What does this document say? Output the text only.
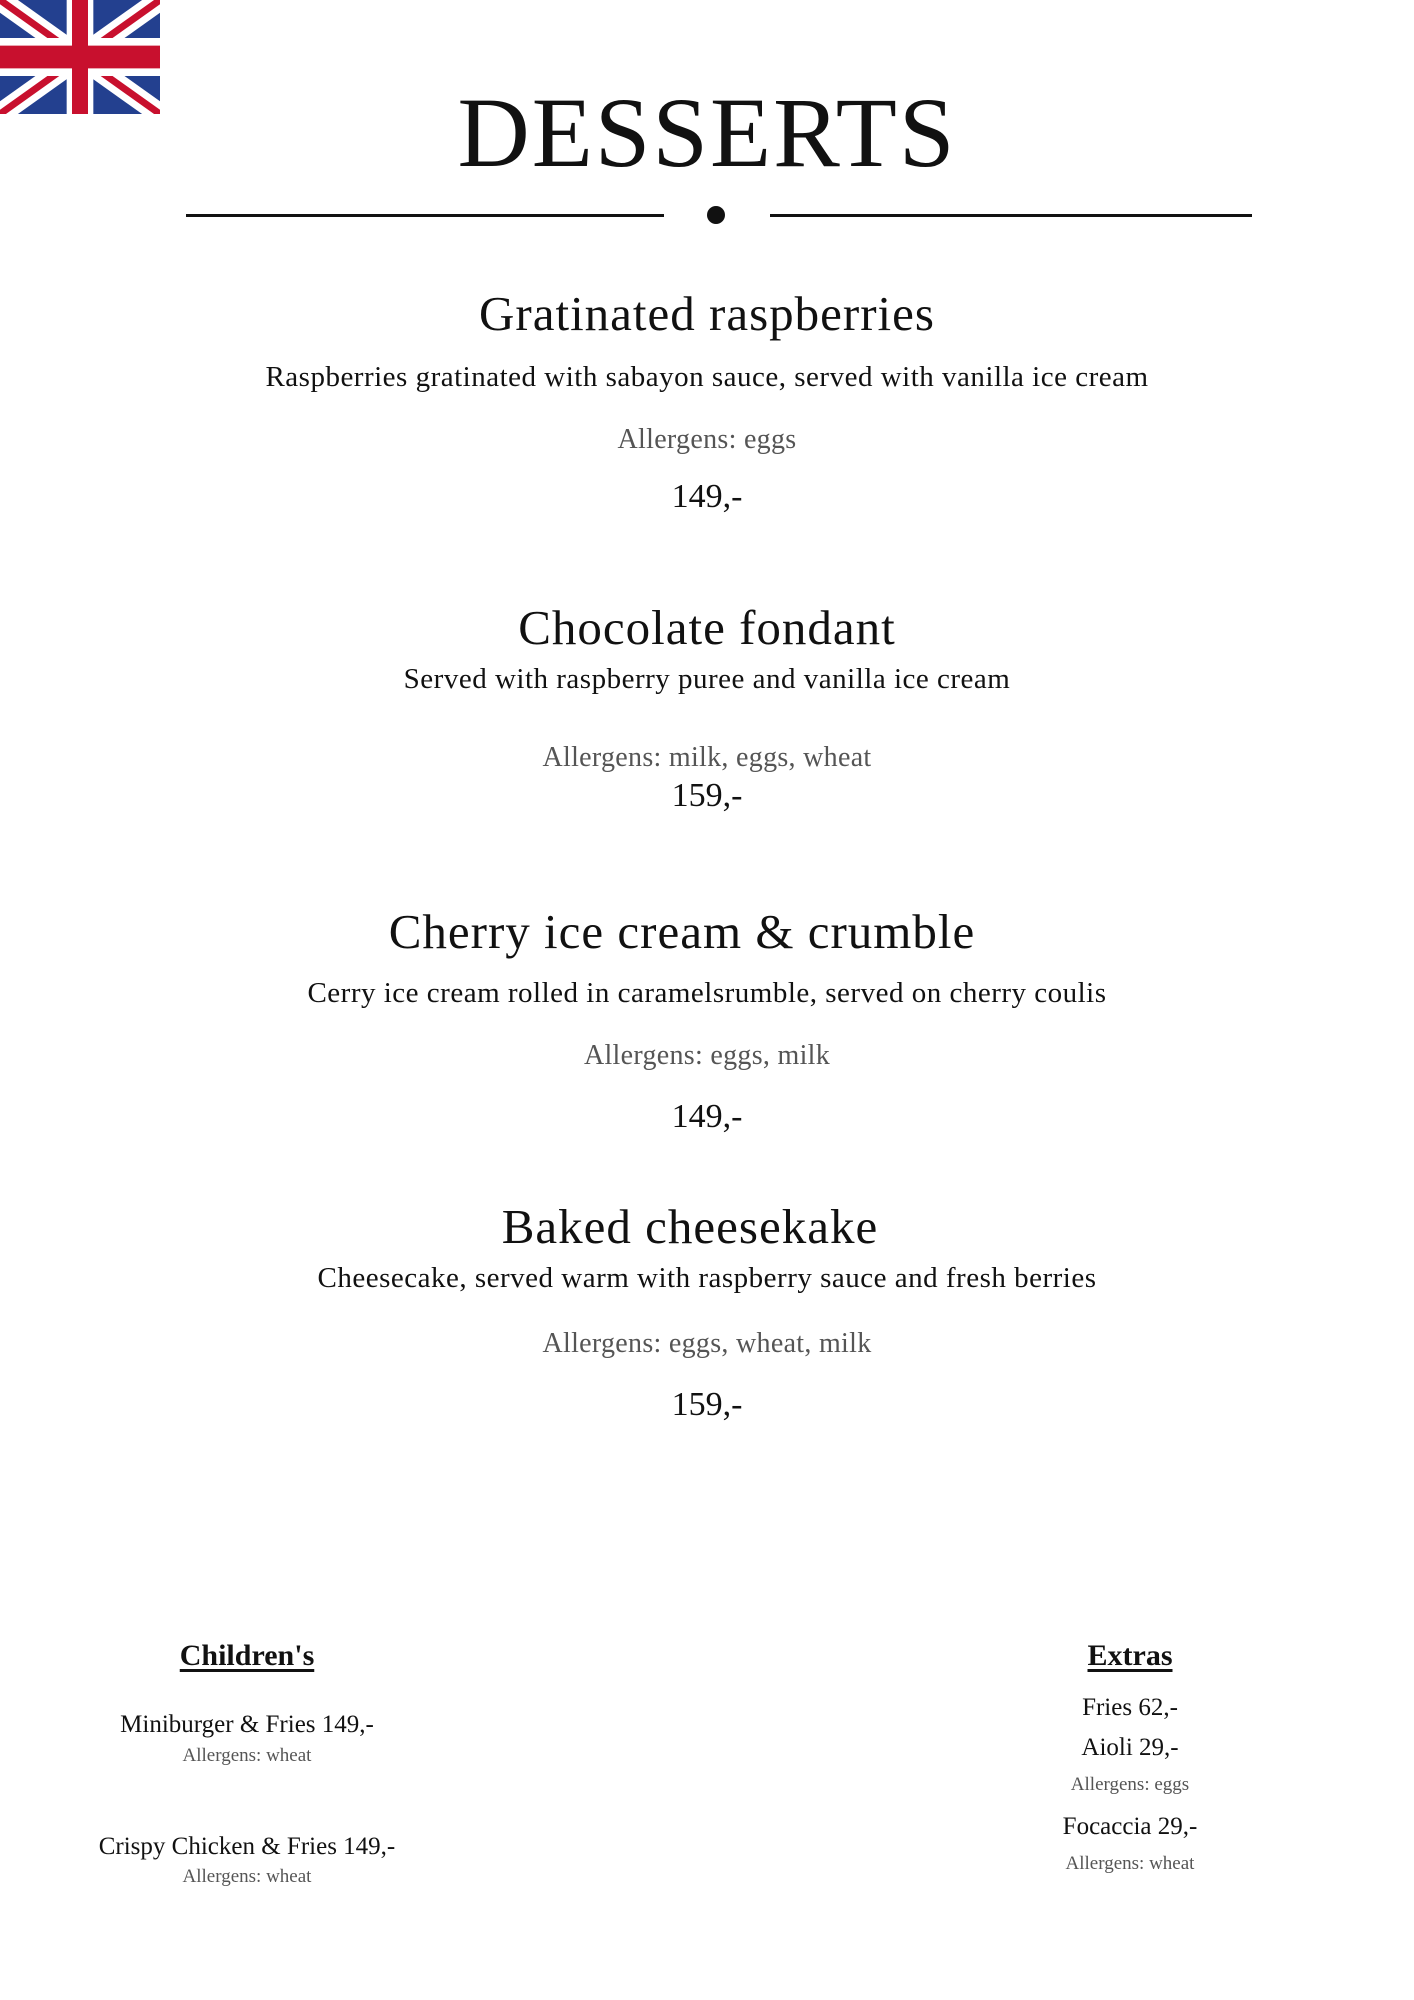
DESSERTS
Gratinated raspberries
Raspberries gratinated with sabayon sauce, served with vanilla ice cream
Allergens: eggs
149,-
Chocolate fondant
Served with raspberry puree and vanilla ice cream
Allergens: milk, eggs, wheat
159,-
Cherry ice cream & crumble
Cerry ice cream rolled in caramelsrumble, served on cherry coulis
Allergens: eggs, milk
149,-
Baked cheesekake
Cheesecake, served warm with raspberry sauce and fresh berries
Allergens: eggs, wheat, milk
159,-
Children's
Miniburger & Fries 149,-
Allergens: wheat
Crispy Chicken & Fries 149,-
Allergens: wheat
Extras
Fries 62,-
Aioli 29,-
Allergens: eggs
Focaccia 29,-
Allergens: wheat
